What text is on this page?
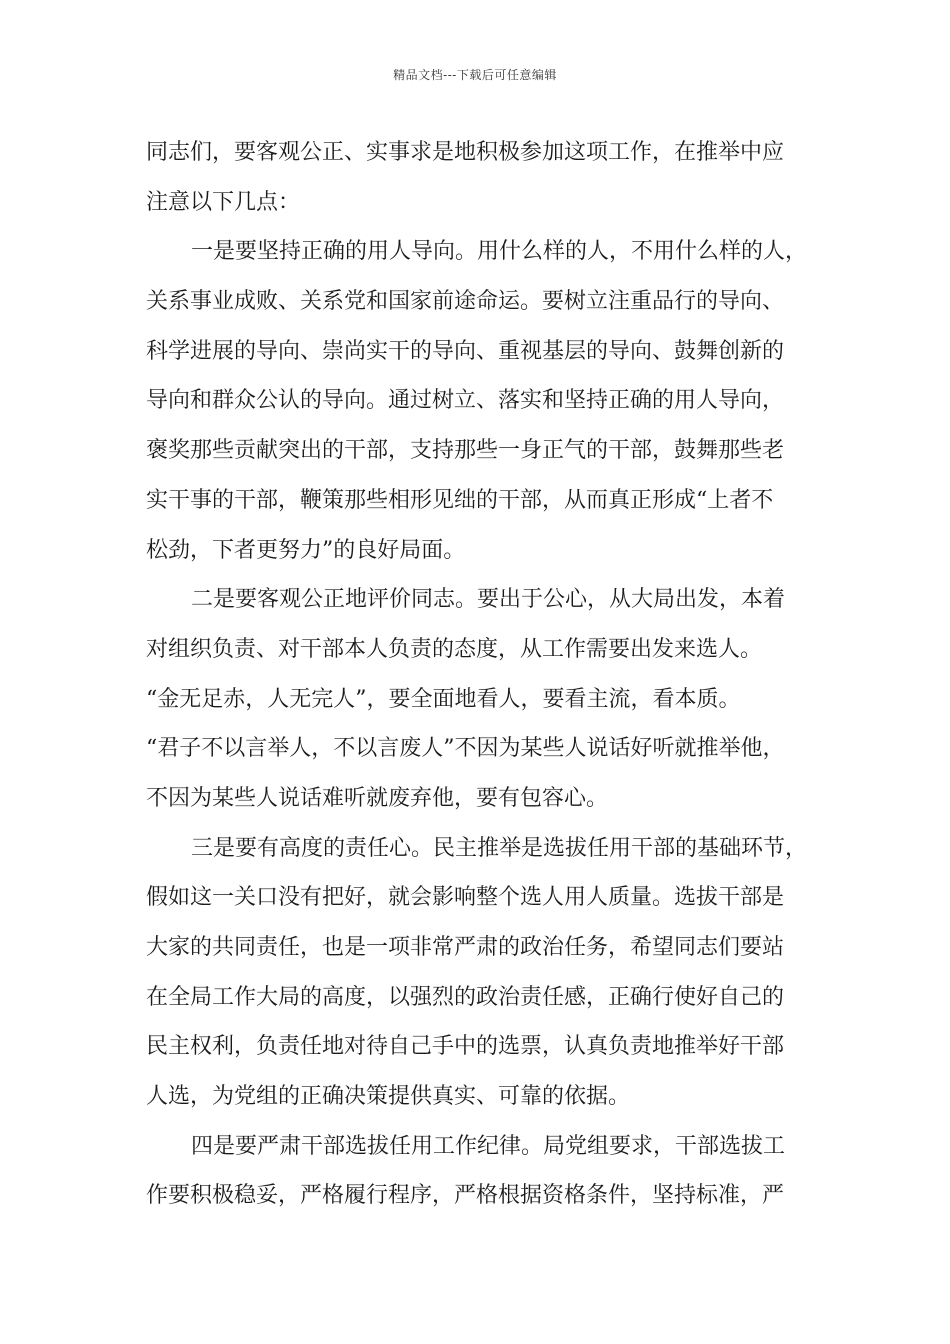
精品文档---下载后可任意编辑
同志们，要客观公正、实事求是地积极参加这项工作，在推举中应
注意以下几点：
一是要坚持正确的用人导向。用什么样的人，不用什么样的人，
关系事业成败、关系党和国家前途命运。要树立注重品行的导向、
科学进展的导向、崇尚实干的导向、重视基层的导向、鼓舞创新的
导向和群众公认的导向。通过树立、落实和坚持正确的用人导向，
褒奖那些贡献突出的干部，支持那些一身正气的干部，鼓舞那些老
实干事的干部，鞭策那些相形见绌的干部，从而真正形成“上者不
松劲，下者更努力”的良好局面。
二是要客观公正地评价同志。要出于公心，从大局出发，本着
对组织负责、对干部本人负责的态度，从工作需要出发来选人。
“金无足赤，人无完人”，要全面地看人，要看主流，看本质。
“君子不以言举人，不以言废人”不因为某些人说话好听就推举他，
不因为某些人说话难听就废弃他，要有包容心。
三是要有高度的责任心。民主推举是选拔任用干部的基础环节，
假如这一关口没有把好，就会影响整个选人用人质量。选拔干部是
大家的共同责任，也是一项非常严肃的政治任务，希望同志们要站
在全局工作大局的高度，以强烈的政治责任感，正确行使好自己的
民主权利，负责任地对待自己手中的选票，认真负责地推举好干部
人选，为党组的正确决策提供真实、可靠的依据。
四是要严肃干部选拔任用工作纪律。局党组要求，干部选拔工
作要积极稳妥，严格履行程序，严格根据资格条件，坚持标准，严
